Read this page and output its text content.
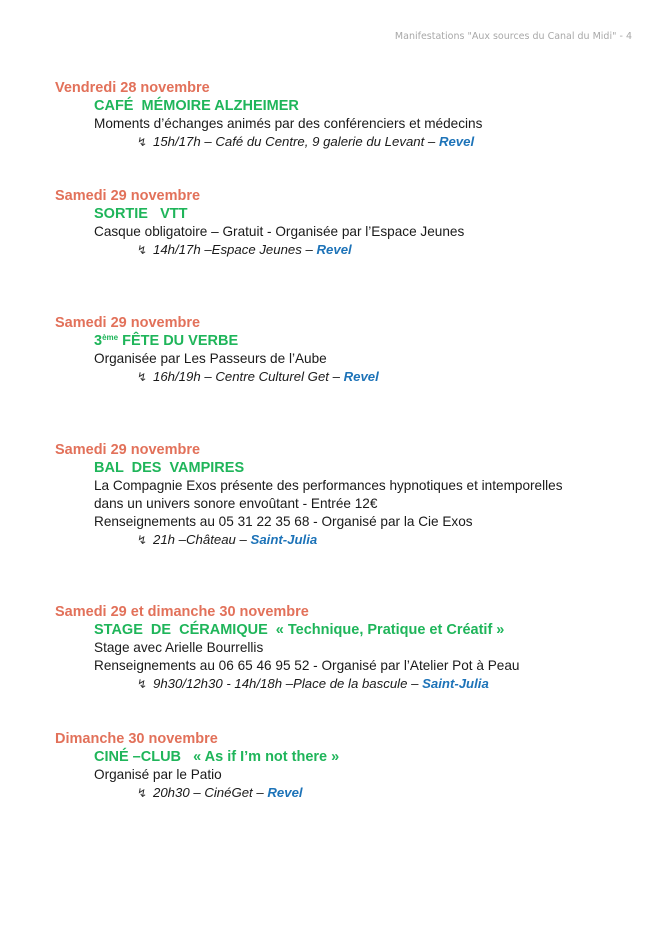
Manifestations "Aux sources du Canal du Midi" - 4
Vendredi 28 novembre
CAFÉ  MÉMOIRE ALZHEIMER
Moments d’échanges animés par des conférenciers et médecins
↯ 15h/17h – Café du Centre, 9 galerie du Levant – Revel
Samedi 29 novembre
SORTIE   VTT
Casque obligatoire – Gratuit - Organisée par l’Espace Jeunes
↯ 14h/17h –Espace Jeunes – Revel
Samedi 29 novembre
3ème FÊTE DU VERBE
Organisée par Les Passeurs de l’Aube
↯ 16h/19h – Centre Culturel Get – Revel
Samedi 29 novembre
BAL  DES  VAMPIRES
La Compagnie Exos présente des performances hypnotiques et intemporelles
dans un univers sonore envoûtant - Entrée 12€
Renseignements au 05 31 22 35 68 - Organisé par la Cie Exos
↯ 21h –Château – Saint-Julia
Samedi 29 et dimanche 30 novembre
STAGE  DE  CÉRAMIQUE  « Technique, Pratique et Créatif »
Stage avec Arielle Bourrellis
Renseignements au 06 65 46 95 52 - Organisé par l’Atelier Pot à Peau
↯ 9h30/12h30 - 14h/18h –Place de la bascule – Saint-Julia
Dimanche 30 novembre
CINÉ –CLUB   « As if I’m not there »
Organisé par le Patio
↯ 20h30 – CinéGet – Revel
